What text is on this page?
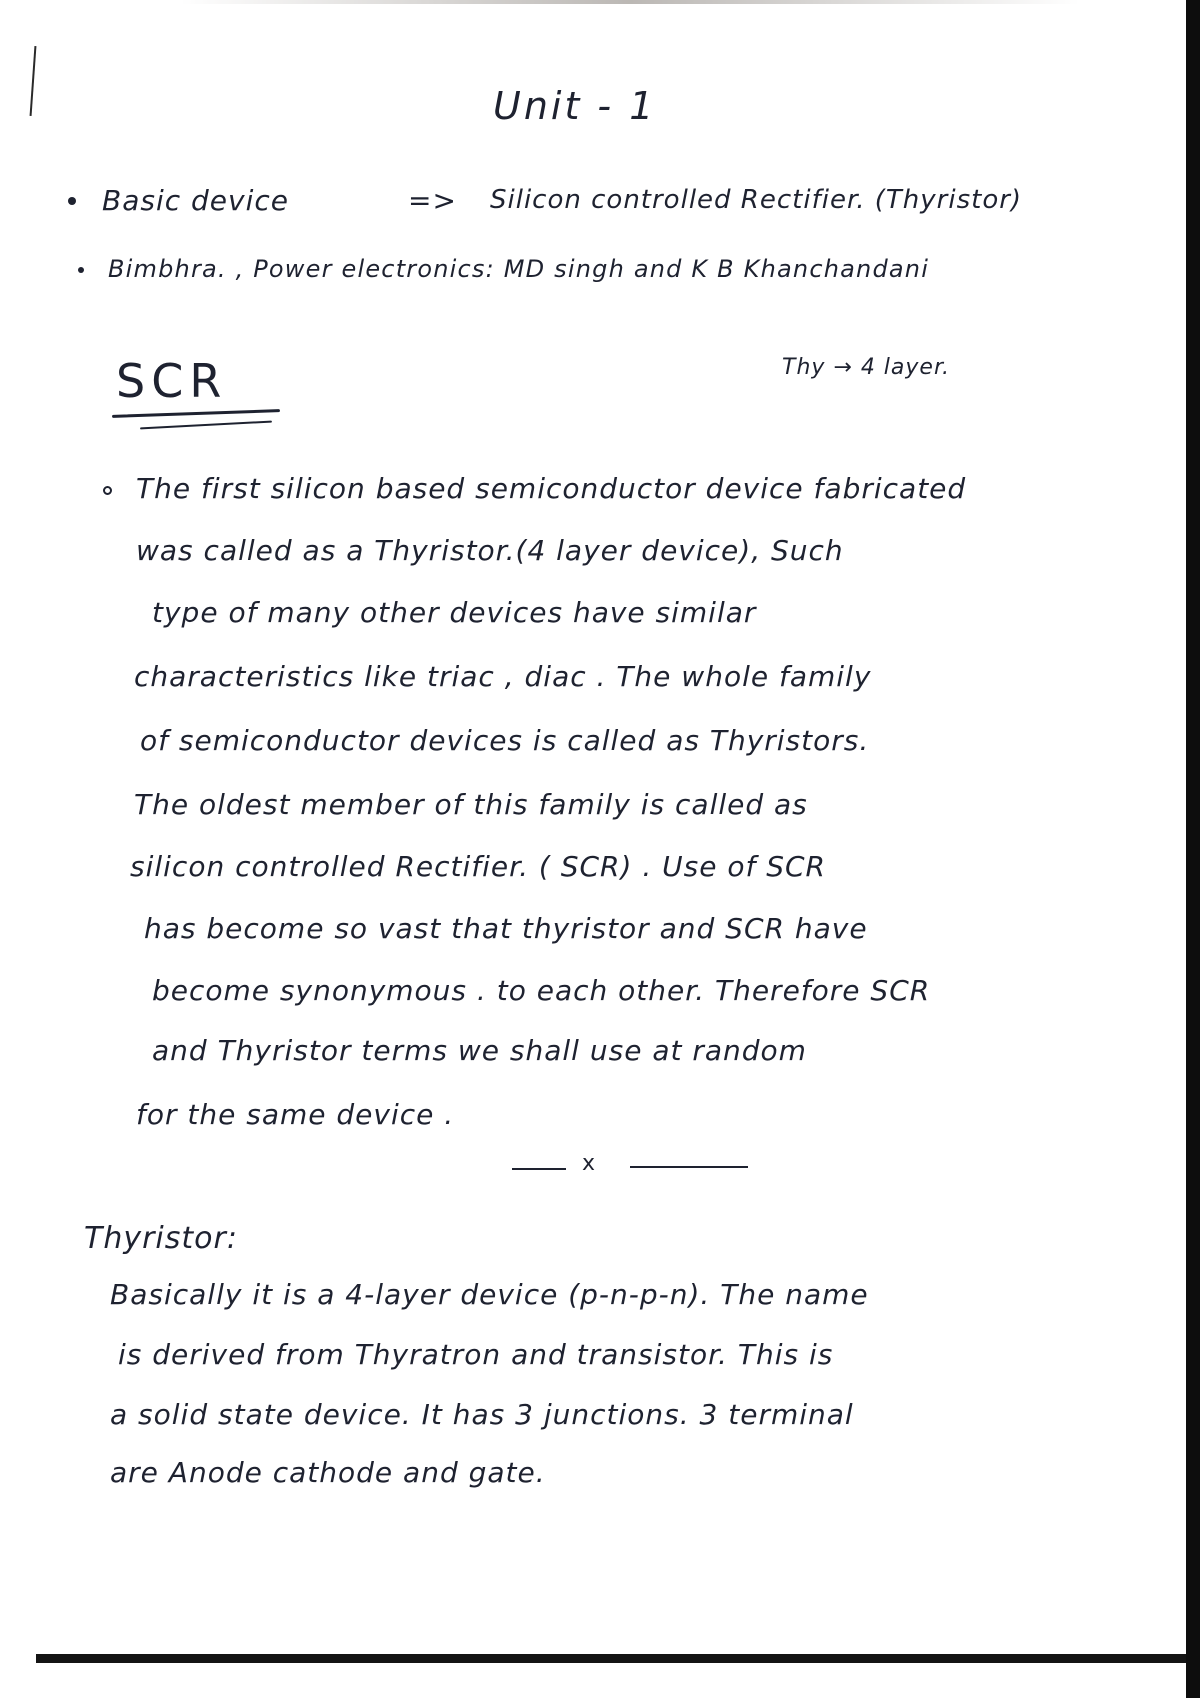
Unit - 1
Basic device	=> Silicon controlled Rectifier. (Thyristor)
Bimbhra. , Power electronics: MD singh and K B Khanchandani
SCR	Thy → 4 layer.
The first silicon based semiconductor device fabricated
was called as a Thyristor.(4 layer device), Such
type of many other devices have similar
characteristics like triac , diac . The whole family
of semiconductor devices is called as Thyristors.
The oldest member of this family is called as
silicon controlled Rectifier. ( SCR) . Use of SCR
has become so vast that thyristor and SCR have
become synonymous . to each other. Therefore SCR
and Thyristor terms we shall use at random
for the same device .
x
Thyristor:
Basically it is a 4-layer device (p-n-p-n). The name
is derived from Thyratron and transistor. This is
a solid state device. It has 3 junctions. 3 terminal
are Anode cathode and gate.
